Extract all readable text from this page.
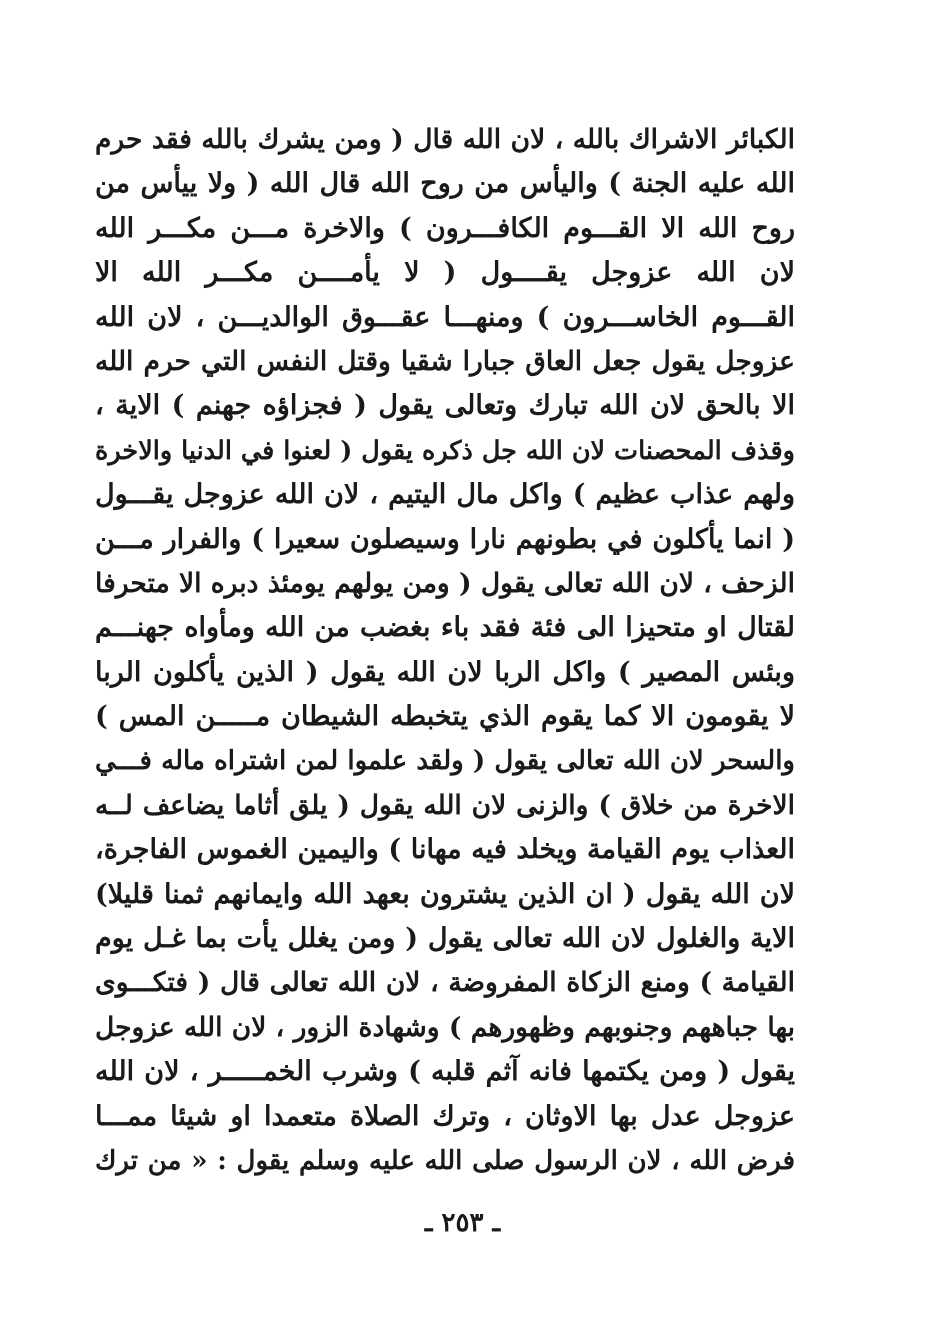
الكبائر الاشراك بالله ، لان الله قال ( ومن يشرك بالله فقد حرم
الله عليه الجنة ) واليأس من روح الله قال الله ( ولا ييأس من
روح الله الا القـــوم الكافـــرون ) والاخرة مـــن مكـــر الله
لان الله عزوجل يقــــول ( لا يأمــــن مكـــر الله الا
القـــوم الخاســـرون ) ومنهـــا عقـــوق الوالديـــن ، لان الله
عزوجل يقول جعل العاق جبارا شقيا وقتل النفس التي حرم الله
الا بالحق لان الله تبارك وتعالى يقول ( فجزاؤه جهنم ) الاية ،
وقذف المحصنات لان الله جل ذكره يقول ( لعنوا في الدنيا والاخرة
ولهم عذاب عظيم ) واكل مال اليتيم ، لان الله عزوجل يقـــول
( انما يأكلون في بطونهم نارا وسيصلون سعيرا ) والفرار مـــن
الزحف ، لان الله تعالى يقول ( ومن يولهم يومئذ دبره الا متحرفا
لقتال او متحيزا الى فئة فقد باء بغضب من الله ومأواه جهنـــم
وبئس المصير ) واكل الربا لان الله يقول ( الذين يأكلون الربا
لا يقومون الا كما يقوم الذي يتخبطه الشيطان مـــــن المس )
والسحر لان الله تعالى يقول ( ولقد علموا لمن اشتراه ماله فـــي
الاخرة من خلاق ) والزنى لان الله يقول ( يلق أثاما يضاعف لــه
العذاب يوم القيامة ويخلد فيه مهانا ) واليمين الغموس الفاجرة،
لان الله يقول ( ان الذين يشترون بعهد الله وايمانهم ثمنا قليلا)
الاية والغلول لان الله تعالى يقول ( ومن يغلل يأت بما غـل يوم
القيامة ) ومنع الزكاة المفروضة ، لان الله تعالى قال ( فتكـــوى
بها جباههم وجنوبهم وظهورهم ) وشهادة الزور ، لان الله عزوجل
يقول ( ومن يكتمها فانه آثم قلبه ) وشرب الخمـــــر ، لان الله
عزوجل عدل بها الاوثان ، وترك الصلاة متعمدا او شيئا ممـــا
فرض الله ، لان الرسول صلى الله عليه وسلم يقول : « من ترك
ـ ٢٥٣ ـ
